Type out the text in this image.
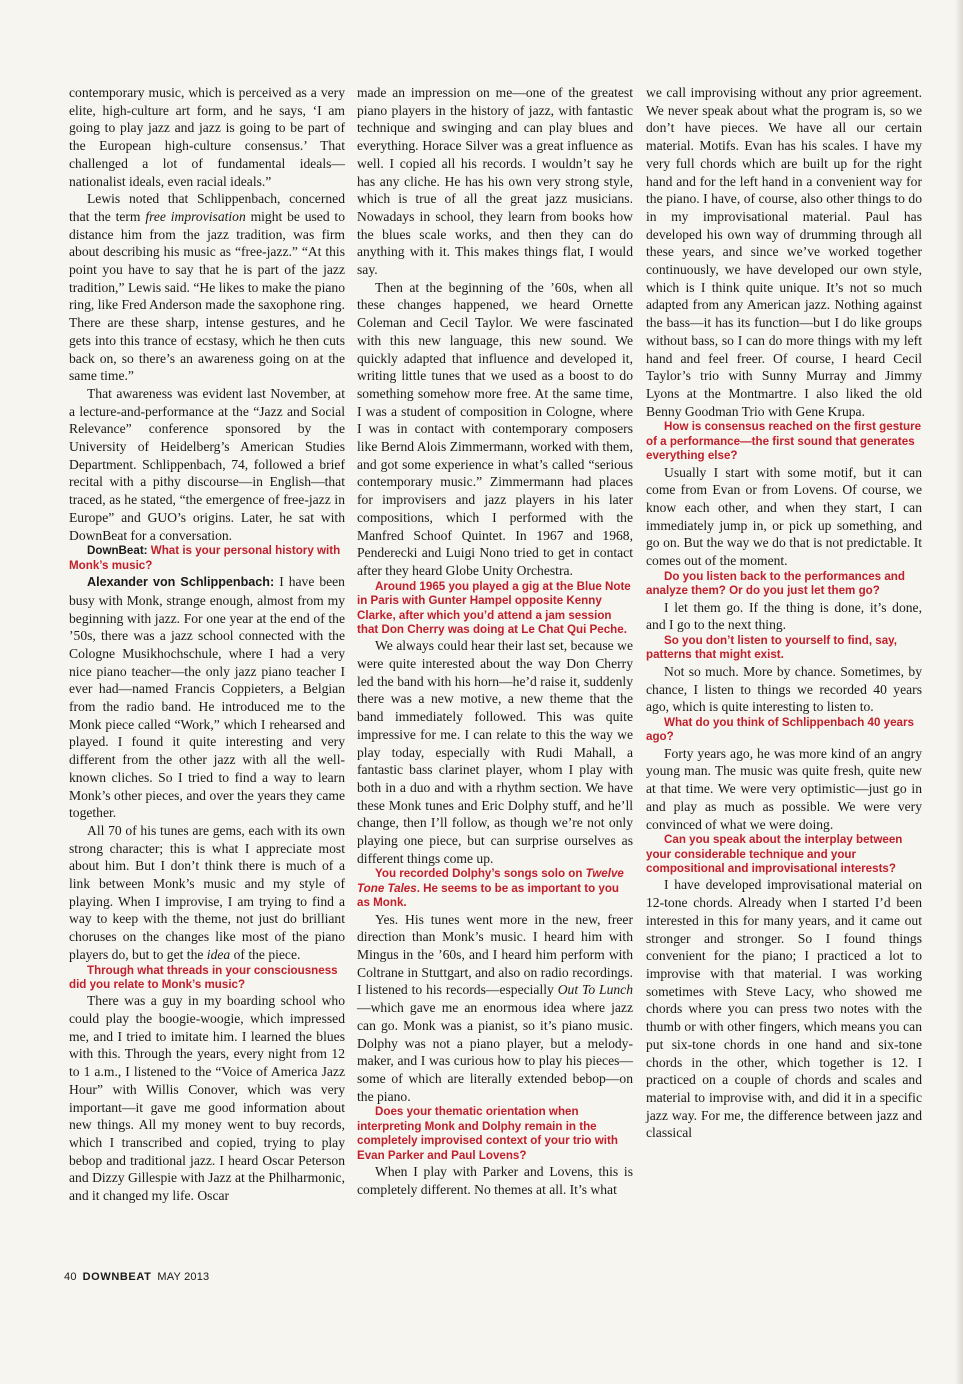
contemporary music, which is perceived as a very elite, high-culture art form, and he says, ‘I am going to play jazz and jazz is going to be part of the European high-culture consensus.’ That challenged a lot of fundamental ideals—nationalist ideals, even racial ideals.”

Lewis noted that Schlippenbach, concerned that the term free improvisation might be used to distance him from the jazz tradition, was firm about describing his music as “free-jazz.” “At this point you have to say that he is part of the jazz tradition,” Lewis said. “He likes to make the piano ring, like Fred Anderson made the saxophone ring. There are these sharp, intense gestures, and he gets into this trance of ecstasy, which he then cuts back on, so there’s an awareness going on at the same time.”

That awareness was evident last November, at a lecture-and-performance at the “Jazz and Social Relevance” conference sponsored by the University of Heidelberg’s American Studies Department. Schlippenbach, 74, followed a brief recital with a pithy discourse—in English—that traced, as he stated, “the emergence of free-jazz in Europe” and GUO’s origins. Later, he sat with DownBeat for a conversation.

DownBeat: What is your personal history with Monk’s music?

Alexander von Schlippenbach: I have been busy with Monk, strange enough, almost from my beginning with jazz. For one year at the end of the ’50s, there was a jazz school connected with the Cologne Musikhochschule, where I had a very nice piano teacher—the only jazz piano teacher I ever had—named Francis Coppieters, a Belgian from the radio band. He introduced me to the Monk piece called “Work,” which I rehearsed and played. I found it quite interesting and very different from the other jazz with all the well-known cliches. So I tried to find a way to learn Monk’s other pieces, and over the years they came together.

All 70 of his tunes are gems, each with its own strong character; this is what I appreciate most about him. But I don’t think there is much of a link between Monk’s music and my style of playing. When I improvise, I am trying to find a way to keep with the theme, not just do brilliant choruses on the changes like most of the piano players do, but to get the idea of the piece.

Through what threads in your consciousness did you relate to Monk’s music?

There was a guy in my boarding school who could play the boogie-woogie, which impressed me, and I tried to imitate him. I learned the blues with this. Through the years, every night from 12 to 1 a.m., I listened to the “Voice of America Jazz Hour” with Willis Conover, which was very important—it gave me good information about new things. All my money went to buy records, which I transcribed and copied, trying to play bebop and traditional jazz. I heard Oscar Peterson and Dizzy Gillespie with Jazz at the Philharmonic, and it changed my life. Oscar

made an impression on me—one of the greatest piano players in the history of jazz, with fantastic technique and swinging and can play blues and everything. Horace Silver was a great influence as well. I copied all his records. I wouldn’t say he has any cliche. He has his own very strong style, which is true of all the great jazz musicians. Nowadays in school, they learn from books how the blues scale works, and then they can do anything with it. This makes things flat, I would say.

Then at the beginning of the ’60s, when all these changes happened, we heard Ornette Coleman and Cecil Taylor. We were fascinated with this new language, this new sound. We quickly adapted that influence and developed it, writing little tunes that we used as a boost to do something somehow more free. At the same time, I was a student of composition in Cologne, where I was in contact with contemporary composers like Bernd Alois Zimmermann, worked with them, and got some experience in what’s called “serious contemporary music.” Zimmermann had places for improvisers and jazz players in his later compositions, which I performed with the Manfred Schoof Quintet. In 1967 and 1968, Penderecki and Luigi Nono tried to get in contact after they heard Globe Unity Orchestra.

Around 1965 you played a gig at the Blue Note in Paris with Gunter Hampel opposite Kenny Clarke, after which you’d attend a jam session that Don Cherry was doing at Le Chat Qui Peche.

We always could hear their last set, because we were quite interested about the way Don Cherry led the band with his horn—he’d raise it, suddenly there was a new motive, a new theme that the band immediately followed. This was quite impressive for me. I can relate to this the way we play today, especially with Rudi Mahall, a fantastic bass clarinet player, whom I play with both in a duo and with a rhythm section. We have these Monk tunes and Eric Dolphy stuff, and he’ll change, then I’ll follow, as though we’re not only playing one piece, but can surprise ourselves as different things come up.

You recorded Dolphy’s songs solo on Twelve Tone Tales. He seems to be as important to you as Monk.

Yes. His tunes went more in the new, freer direction than Monk’s music. I heard him with Mingus in the ’60s, and I heard him perform with Coltrane in Stuttgart, and also on radio recordings. I listened to his records—especially Out To Lunch—which gave me an enormous idea where jazz can go. Monk was a pianist, so it’s piano music. Dolphy was not a piano player, but a melody-maker, and I was curious how to play his pieces—some of which are literally extended bebop—on the piano.

Does your thematic orientation when interpreting Monk and Dolphy remain in the completely improvised context of your trio with Evan Parker and Paul Lovens?

When I play with Parker and Lovens, this is completely different. No themes at all. It’s what

we call improvising without any prior agreement. We never speak about what the program is, so we don’t have pieces. We have all our certain material. Motifs. Evan has his scales. I have my very full chords which are built up for the right hand and for the left hand in a convenient way for the piano. I have, of course, also other things to do in my improvisational material. Paul has developed his own way of drumming through all these years, and since we’ve worked together continuously, we have developed our own style, which is I think quite unique. It’s not so much adapted from any American jazz. Nothing against the bass—it has its function—but I do like groups without bass, so I can do more things with my left hand and feel freer. Of course, I heard Cecil Taylor’s trio with Sunny Murray and Jimmy Lyons at the Montmartre. I also liked the old Benny Goodman Trio with Gene Krupa.

How is consensus reached on the first gesture of a performance—the first sound that generates everything else?

Usually I start with some motif, but it can come from Evan or from Lovens. Of course, we know each other, and when they start, I can immediately jump in, or pick up something, and go on. But the way we do that is not predictable. It comes out of the moment.

Do you listen back to the performances and analyze them? Or do you just let them go?

I let them go. If the thing is done, it’s done, and I go to the next thing.

So you don’t listen to yourself to find, say, patterns that might exist.

Not so much. More by chance. Sometimes, by chance, I listen to things we recorded 40 years ago, which is quite interesting to listen to.

What do you think of Schlippenbach 40 years ago?

Forty years ago, he was more kind of an angry young man. The music was quite fresh, quite new at that time. We were very optimistic—just go in and play as much as possible. We were very convinced of what we were doing.

Can you speak about the interplay between your considerable technique and your compositional and improvisational interests?

I have developed improvisational material on 12-tone chords. Already when I started I’d been interested in this for many years, and it came out stronger and stronger. So I found things convenient for the piano; I practiced a lot to improvise with that material. I was working sometimes with Steve Lacy, who showed me chords where you can press two notes with the thumb or with other fingers, which means you can put six-tone chords in one hand and six-tone chords in the other, which together is 12. I practiced on a couple of chords and scales and material to improvise with, and did it in a specific jazz way. For me, the difference between jazz and classical

40 DOWNBEAT MAY 2013
